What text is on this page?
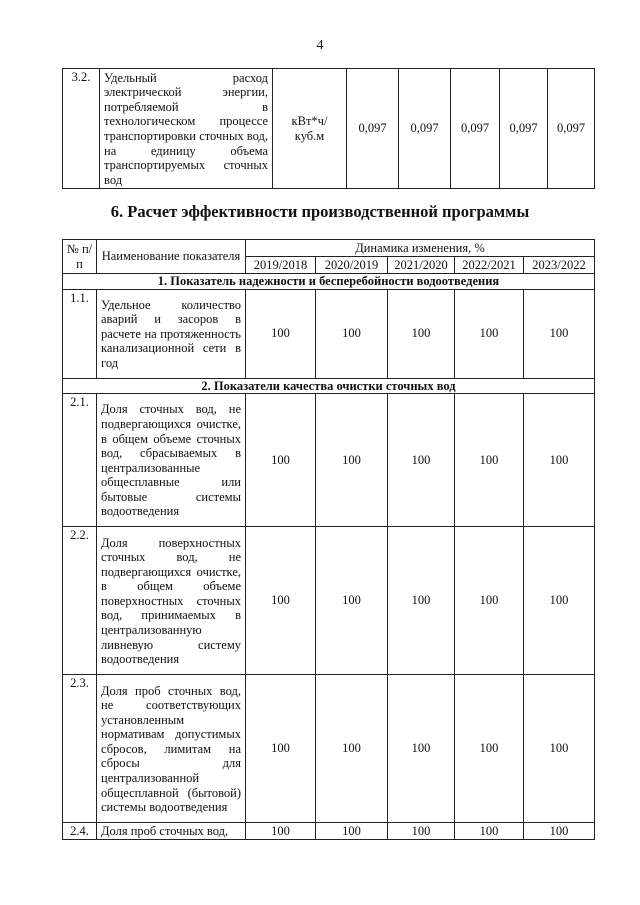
4
3.2.	Удельный расход электрической энергии, потребляемой в технологическом процессе транспортировки сточных вод, на единицу объема транспортируемых сточных вод	кВт*ч/ куб.м	0,097	0,097	0,097	0,097	0,097
6. Расчет эффективности производственной программы
№ п/п	Наименование показателя	Динамика изменения, %				
		2019/2018	2020/2019	2021/2020	2022/2021	2023/2022
1. Показатель надежности и бесперебойности водоотведения						
1.1.	Удельное количество аварий и засоров в расчете на протяженность канализационной сети в год	100	100	100	100	100
2. Показатели качества очистки сточных вод						
2.1.	Доля сточных вод, не подвергающихся очистке, в общем объеме сточных вод, сбрасываемых в централизованные общесплавные или бытовые системы водоотведения	100	100	100	100	100
2.2.	Доля поверхностных сточных вод, не подвергающихся очистке, в общем объеме поверхностных сточных вод, принимаемых в централизованную ливневую систему водоотведения	100	100	100	100	100
2.3.	Доля проб сточных вод, не соответствующих установленным нормативам допустимых сбросов, лимитам на сбросы для централизованной общесплавной (бытовой) системы водоотведения	100	100	100	100	100
2.4.	Доля проб сточных вод,	100	100	100	100	100
